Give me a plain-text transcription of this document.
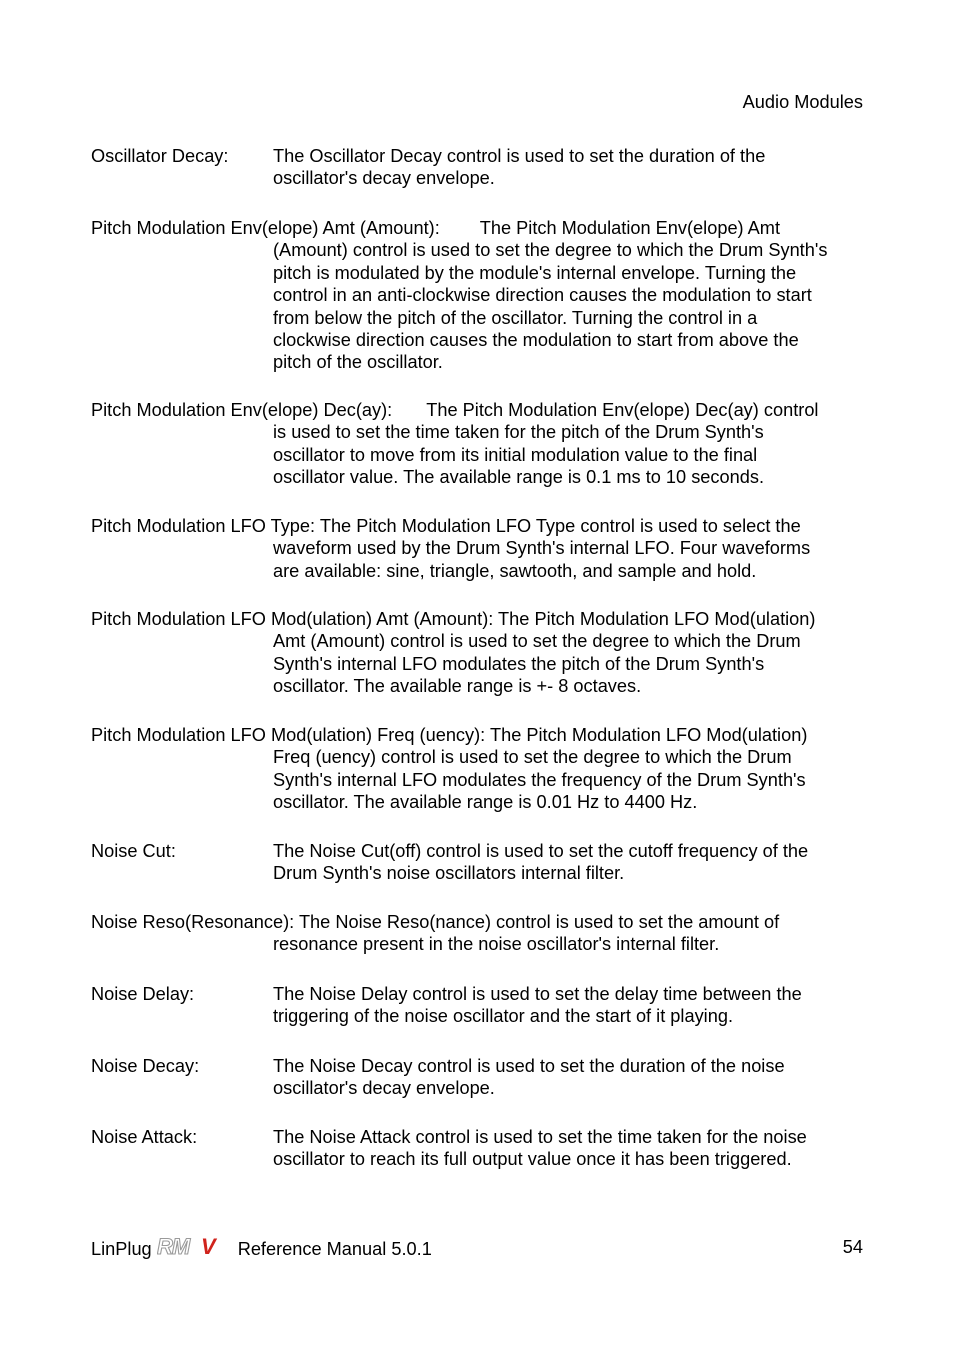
Audio Modules

Oscillator Decay: The Oscillator Decay control is used to set the duration of the

oscillator's decay envelope.

Pitch Modulation Env(elope) Amt (Amount): The Pitch Modulation Env(elope) Amt

(Amount) control is used to set the degree to which the Drum Synth's

pitch is modulated by the module's internal envelope. Turning the

control in an anti-clockwise direction causes the modulation to start

from below the pitch of the oscillator. Turning the control in a

clockwise direction causes the modulation to start from above the

pitch of the oscillator.

Pitch Modulation Env(elope) Dec(ay): The Pitch Modulation Env(elope) Dec(ay) control

is used to set the time taken for the pitch of the Drum Synth's

oscillator to move from its initial modulation value to the final

oscillator value. The available range is 0.1 ms to 10 seconds.

Pitch Modulation LFO Type: The Pitch Modulation LFO Type control is used to select the

waveform used by the Drum Synth's internal LFO. Four waveforms

are available: sine, triangle, sawtooth, and sample and hold.

Pitch Modulation LFO Mod(ulation) Amt (Amount): The Pitch Modulation LFO Mod(ulation)

Amt (Amount) control is used to set the degree to which the Drum

Synth's internal LFO modulates the pitch of the Drum Synth's

oscillator. The available range is +- 8 octaves.

Pitch Modulation LFO Mod(ulation) Freq (uency): The Pitch Modulation LFO Mod(ulation)

Freq (uency) control is used to set the degree to which the Drum

Synth's internal LFO modulates the frequency of the Drum Synth's

oscillator. The available range is 0.01 Hz to 4400 Hz.

Noise Cut:	The Noise Cut(off) control is used to set the cutoff frequency of the

Drum Synth's noise oscillators internal filter.

Noise Reso(Resonance): The Noise Reso(nance) control is used to set the amount of

resonance present in the noise oscillator's internal filter.

Noise Delay:	The Noise Delay control is used to set the delay time between the

triggering of the noise oscillator and the start of it playing.

Noise Decay:	The Noise Decay control is used to set the duration of the noise

oscillator's decay envelope.

Noise Attack:	The Noise Attack control is used to set the time taken for the noise

oscillator to reach its full output value once it has been triggered.

LinPlug RM V Reference Manual 5.0.1	54
